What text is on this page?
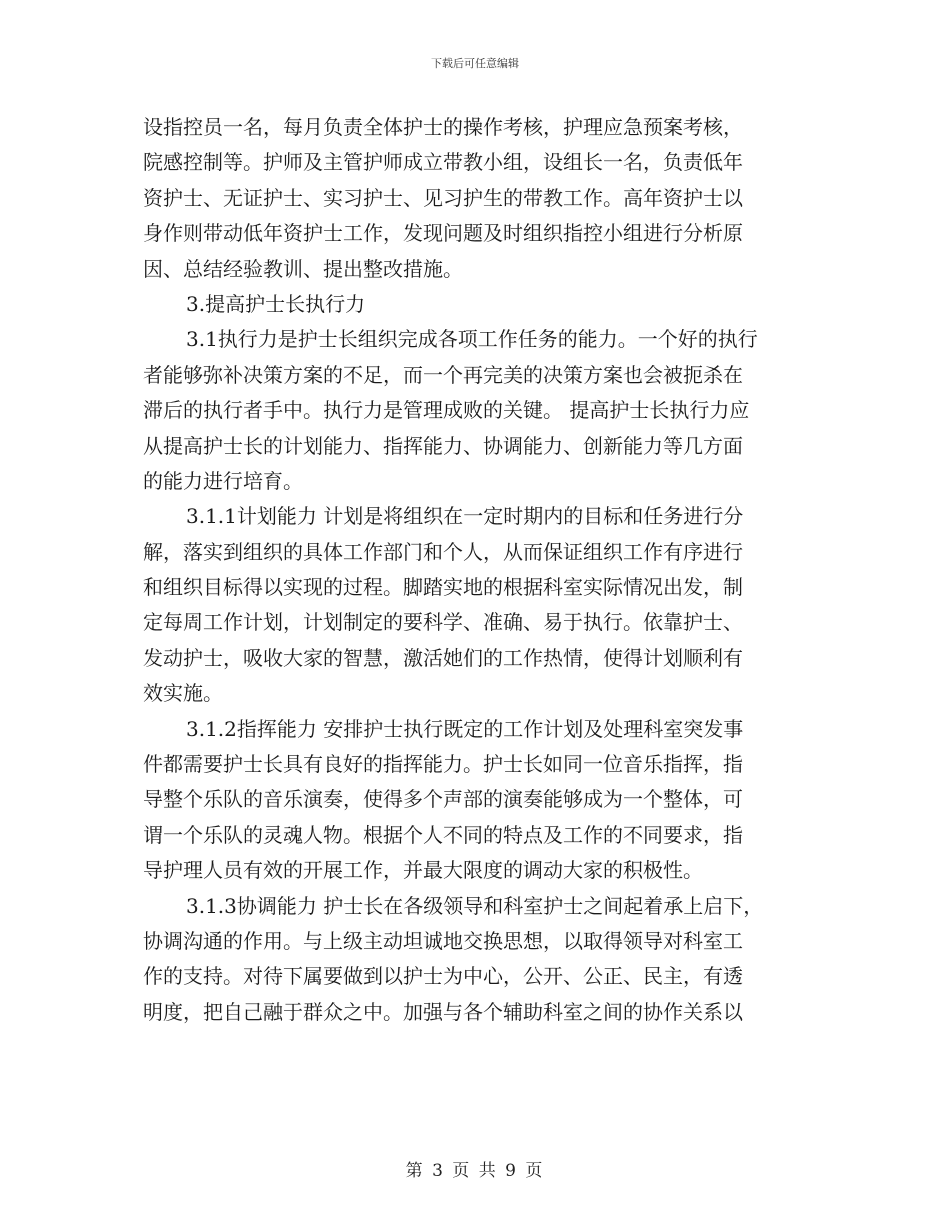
下载后可任意编辑
设指控员一名，每月负责全体护士的操作考核，护理应急预案考核，
院感控制等。护师及主管护师成立带教小组，设组长一名，负责低年
资护士、无证护士、实习护士、见习护生的带教工作。高年资护士以
身作则带动低年资护士工作，发现问题及时组织指控小组进行分析原
因、总结经验教训、提出整改措施。
3.提高护士长执行力
3.1执行力是护士长组织完成各项工作任务的能力。一个好的执行
者能够弥补决策方案的不足，而一个再完美的决策方案也会被扼杀在
滞后的执行者手中。执行力是管理成败的关键。 提高护士长执行力应
从提高护士长的计划能力、指挥能力、协调能力、创新能力等几方面
的能力进行培育。
3.1.1计划能力 计划是将组织在一定时期内的目标和任务进行分
解，落实到组织的具体工作部门和个人，从而保证组织工作有序进行
和组织目标得以实现的过程。脚踏实地的根据科室实际情况出发，制
定每周工作计划，计划制定的要科学、准确、易于执行。依靠护士、
发动护士，吸收大家的智慧，激活她们的工作热情，使得计划顺利有
效实施。
3.1.2指挥能力 安排护士执行既定的工作计划及处理科室突发事
件都需要护士长具有良好的指挥能力。护士长如同一位音乐指挥，指
导整个乐队的音乐演奏，使得多个声部的演奏能够成为一个整体，可
谓一个乐队的灵魂人物。根据个人不同的特点及工作的不同要求，指
导护理人员有效的开展工作，并最大限度的调动大家的积极性。
3.1.3协调能力 护士长在各级领导和科室护士之间起着承上启下，
协调沟通的作用。与上级主动坦诚地交换思想，以取得领导对科室工
作的支持。对待下属要做到以护士为中心，公开、公正、民主，有透
明度，把自己融于群众之中。加强与各个辅助科室之间的协作关系以
第 3 页 共 9 页
